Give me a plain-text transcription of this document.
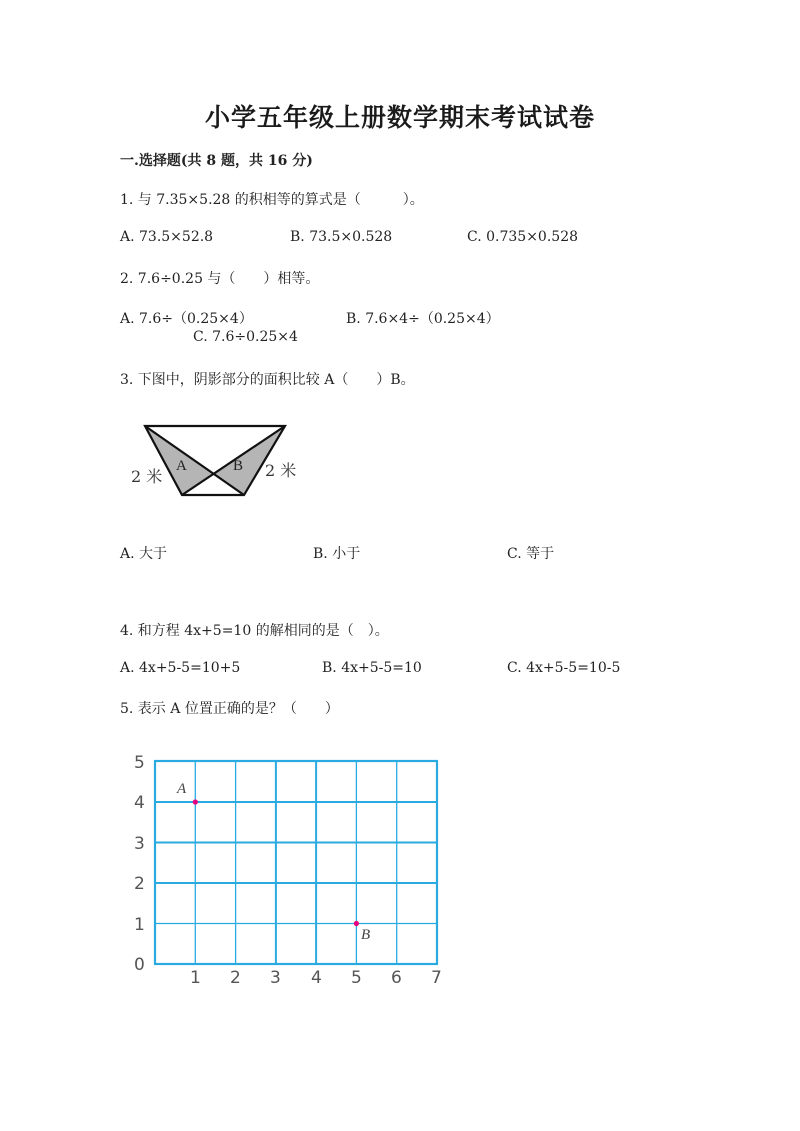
小学五年级上册数学期末考试试卷
一.选择题(共 8 题，共 16 分)
1. 与 7.35×5.28 的积相等的算式是（　　　）。
A. 73.5×52.8	B. 73.5×0.528	C. 0.735×0.528
2. 7.6÷0.25 与（　　）相等。
A. 7.6÷（0.25×4）	B. 7.6×4÷（0.25×4）
C. 7.6÷0.25×4
3. 下图中，阴影部分的面积比较 A（　　）B。
A	B
2 米	2 米
A. 大于	B. 小于	C. 等于
4. 和方程 4x+5=10 的解相同的是（　）。
A. 4x+5-5=10+5	B. 4x+5-5=10	C. 4x+5-5=10-5
5. 表示 A 位置正确的是？（　　）
5
4
3
2
1
0
1 2 3 4 5 6 7
A
B
